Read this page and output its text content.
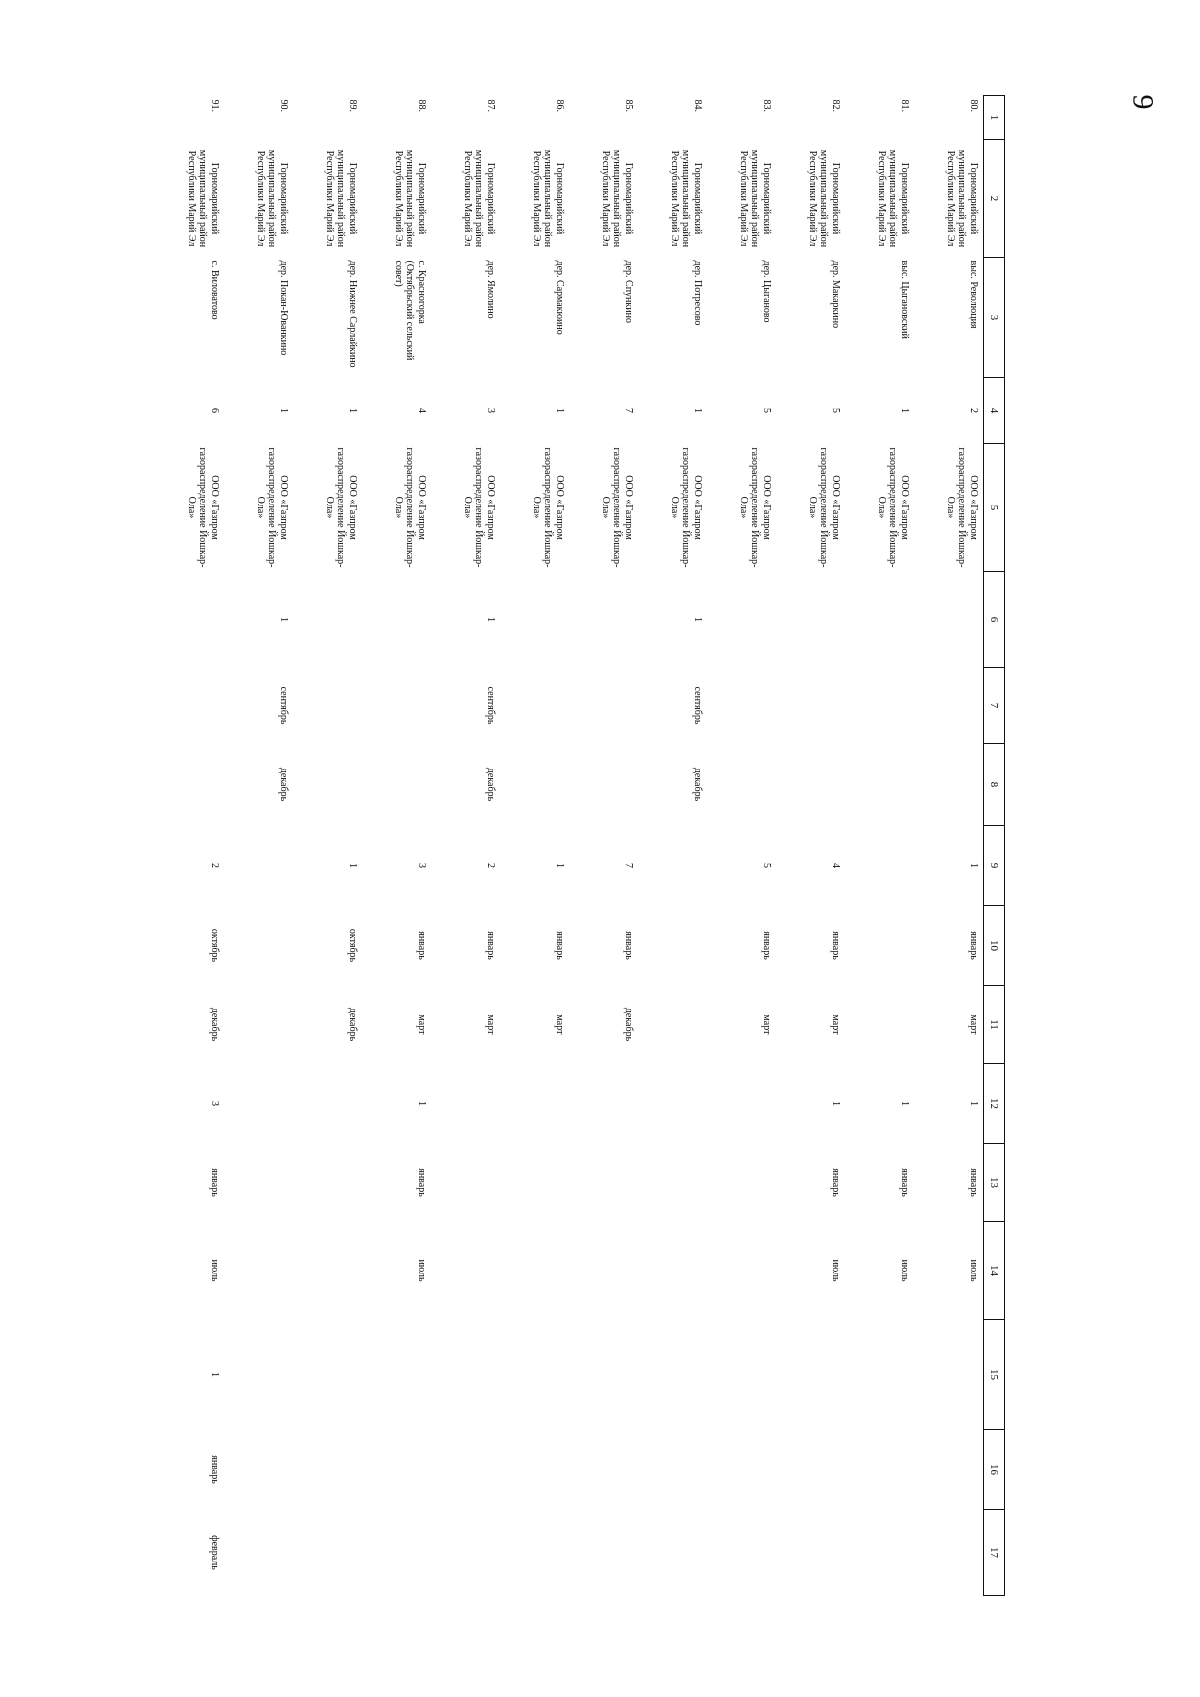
9
1	2	3	4	5	6	7	8	9	10	11	12	13	14	15	16	17
80.	Горномарийский муниципальный район Республики Марий Эл	выс. Революция	2	ООО «Газпром газораспределение Йошкар-Ола»				1	январь	март	1	январь	июль			
81.	Горномарийский муниципальный район Республики Марий Эл	выс. Цыгановский	1	ООО «Газпром газораспределение Йошкар-Ола»							1	январь	июль			
82.	Горномарийский муниципальный район Республики Марий Эл	дер. Макаркино	5	ООО «Газпром газораспределение Йошкар-Ола»				4	январь	март	1	январь	июль			
83.	Горномарийский муниципальный район Республики Марий Эл	дер. Цыганово	5	ООО «Газпром газораспределение Йошкар-Ола»				5	январь	март						
84.	Горномарийский муниципальный район Республики Марий Эл	дер. Потресово	1	ООО «Газпром газораспределение Йошкар-Ола»	1	сентябрь	декабрь									
85.	Горномарийский муниципальный район Республики Марий Эл	дер. Спункино	7	ООО «Газпром газораспределение Йошкар-Ола»				7	январь	декабрь						
86.	Горномарийский муниципальный район Республики Марий Эл	дер. Сармакюино	1	ООО «Газпром газораспределение Йошкар-Ола»				1	январь	март						
87.	Горномарийский муниципальный район Республики Марий Эл	дер. Ямолино	3	ООО «Газпром газораспределение Йошкар-Ола»	1	сентябрь	декабрь	2	январь	март						
88.	Горномарийский муниципальный район Республики Марий Эл	с. Красногорка (Октябрьский сельский совет)	4	ООО «Газпром газораспределение Йошкар-Ола»				3	январь	март	1	январь	июль			
89.	Горномарийский муниципальный район Республики Марий Эл	дер. Нижнее Сарлайкино	1	ООО «Газпром газораспределение Йошкар-Ола»				1	октябрь	декабрь						
90.	Горномарийский муниципальный район Республики Марий Эл	дер. Покан-Юванкино	1	ООО «Газпром газораспределение Йошкар-Ола»	1	сентябрь	декабрь									
91.	Горномарийский муниципальный район Республики Марий Эл	с. Виловатово	6	ООО «Газпром газораспределение Йошкар-Ола»				2	октябрь	декабрь	3	январь	июль	1	январь	февраль
